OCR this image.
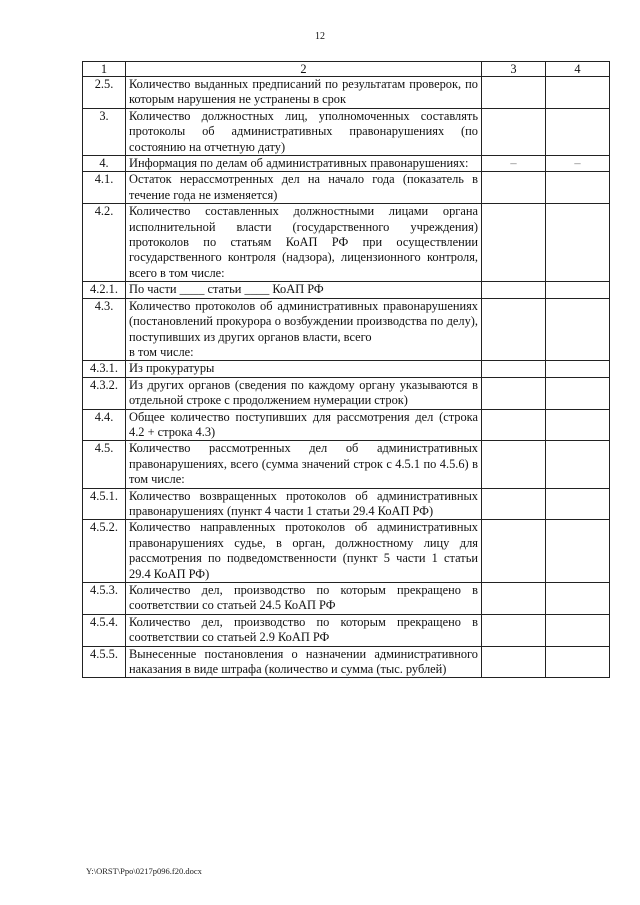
12
1	2	3	4
2.5.	Количество выданных предписаний по результатам проверок, по которым нарушения не устранены в срок		
3.	Количество должностных лиц, уполномоченных составлять протоколы об административных правонарушениях (по состоянию на отчетную дату)		
4.	Информация по делам об административных правонарушениях:	–	–
4.1.	Остаток нерассмотренных дел на начало года (показатель в течение года не изменяется)		
4.2.	Количество составленных должностными лицами органа исполнительной власти (государственного учреждения) протоколов по статьям КоАП РФ при осуществлении государственного контроля (надзора), лицензионного контроля, всего в том числе:		
4.2.1.	По части ____ статьи ____ КоАП РФ		
4.3.	Количество протоколов об административных правонарушениях (постановлений прокурора о возбуждении производства по делу), поступивших из других органов власти, всего
в том числе:		
4.3.1.	Из прокуратуры		
4.3.2.	Из других органов (сведения по каждому органу указываются в отдельной строке с продолжением нумерации строк)		
4.4.	Общее количество поступивших для рассмотрения дел (строка 4.2 + строка 4.3)		
4.5.	Количество рассмотренных дел об административных правонарушениях, всего (сумма значений строк с 4.5.1 по 4.5.6) в том числе:		
4.5.1.	Количество возвращенных протоколов об административных правонарушениях (пункт 4 части 1 статьи 29.4 КоАП РФ)		
4.5.2.	Количество направленных протоколов об административных правонарушениях судье, в орган, должностному лицу для рассмотрения по подведомственности (пункт 5 части 1 статьи 29.4 КоАП РФ)		
4.5.3.	Количество дел, производство по которым прекращено в соответствии со статьей 24.5 КоАП РФ		
4.5.4.	Количество дел, производство по которым прекращено в соответствии со статьей 2.9 КоАП РФ		
4.5.5.	Вынесенные постановления о назначении административного наказания в виде штрафа (количество и сумма (тыс. рублей)		
Y:\ORST\Ppo\0217p096.f20.docx
